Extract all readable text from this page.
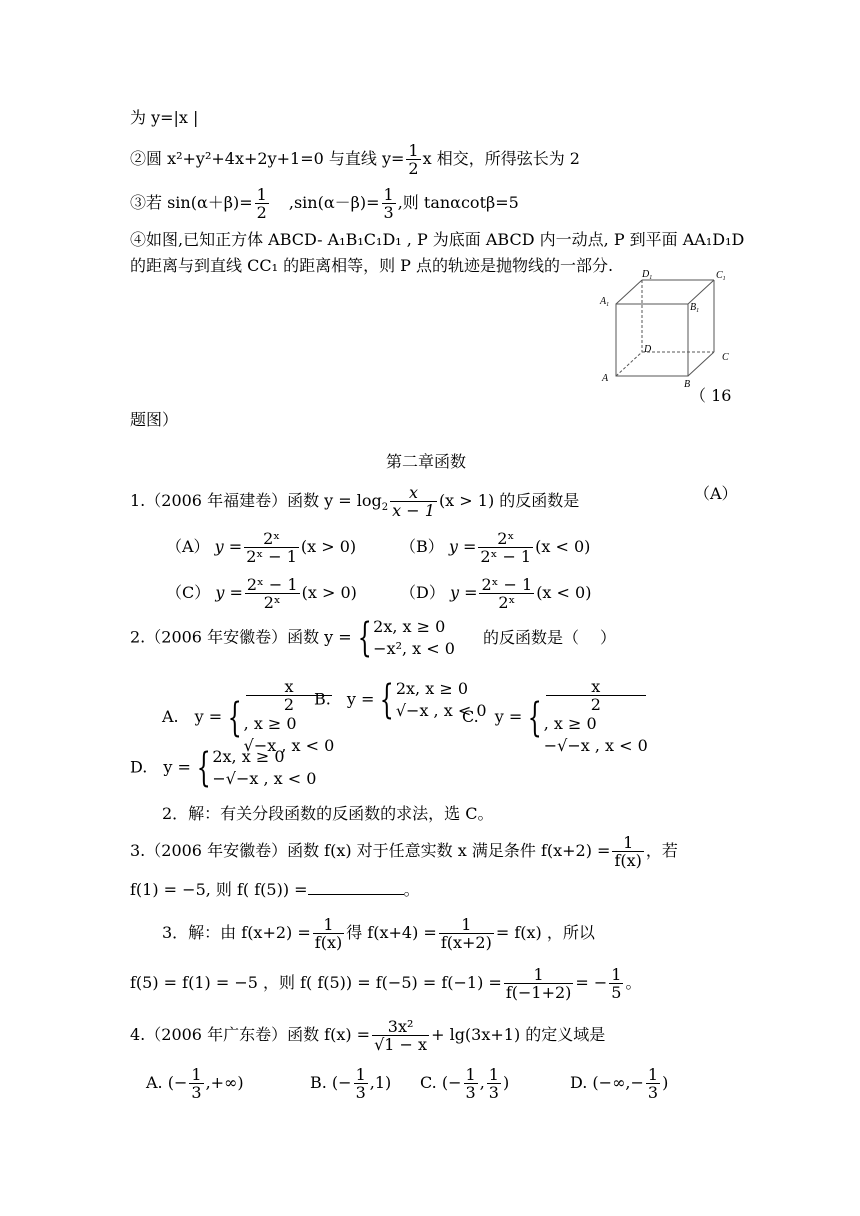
为 y=|x |
②圆 x²+y²+4x+2y+1=0 与直线 $y= \frac{1}{2}$ x 相交，所得弦长为 2
③若 $\sin(\alpha+\beta)= \frac{1}{2} ,\sin(\alpha-\beta)= \frac{1}{3}$ ,则 tanαcotβ=5
④如图,已知正方体 ABCD- A₁B₁C₁D₁ , P 为底面 ABCD 内一动点, P 到平面 AA₁D₁D
的距离与到直线 CC₁ 的距离相等，则 P 点的轨迹是抛物线的一部分.
A
B
C
D
$A_1$	$B_1$
$C_1$
$D_1$
（ 16
题图）
第二章函数
1.（2006 年福建卷）函数 $y = \log_2 \frac{x}{x - 1} (x > 1)$ 的反函数是	（A）
（A） $y = \frac{\text{2ˣ}}{\text{2ˣ − 1}} (x > 0)$	（B） $y = \frac{\text{2ˣ}}{\text{2ˣ − 1}} (x < 0)$
（C） $y = \frac{\text{2ˣ − 1}}{\text{2ˣ}} (x > 0)$	（D） $y = \frac{\text{2ˣ − 1}}{\text{2ˣ}} (x < 0)$
2.（2006 年安徽卷）函数 y = { 2x, x ≥ 0
−x², x < 0
的反函数是（　 ）
A.　y = {
x
2
, x ≥ 0
√−x , x < 0
B.　y = { 2x, x ≥ 0
√−x , x < 0
C.　y = {
x
2
, x ≥ 0
−√−x , x < 0
D.　y = { 2x, x ≥ 0
−√−x , x < 0
2．解：有关分段函数的反函数的求法，选 C。
3.（2006 年安徽卷）函数 f(x) 对于任意实数 x 满足条件 $f(x+2) = \frac{1}{f(x)}$ ，若
f(1) = −5, 则 f( f(5)) =	。
3．解：由 $f(x+2) = \frac{1}{f(x)}$ 得 $f(x+4) = \frac{1}{f(x+2)} = f(x)$ ，所以
f(5) = f(1) = −5 ，则 f( $f(5)) = f(-5) = f(-1) = \frac{1}{f(-1+2)}$ = − $\frac{1}{5}$ 。
4.（2006 年广东卷）函数 $f(x) = \frac{\text{3x²}}{√1 - x} + \lg(3x+1)$ 的定义域是
A. (− $\frac{1}{3}$ ,+∞)	B. (− $\frac{1}{3} ,1$) C. (− $\frac{1}{3}$ , $\frac{1}{3}$ )	D. (−∞,− $\frac{1}{3}$ )
